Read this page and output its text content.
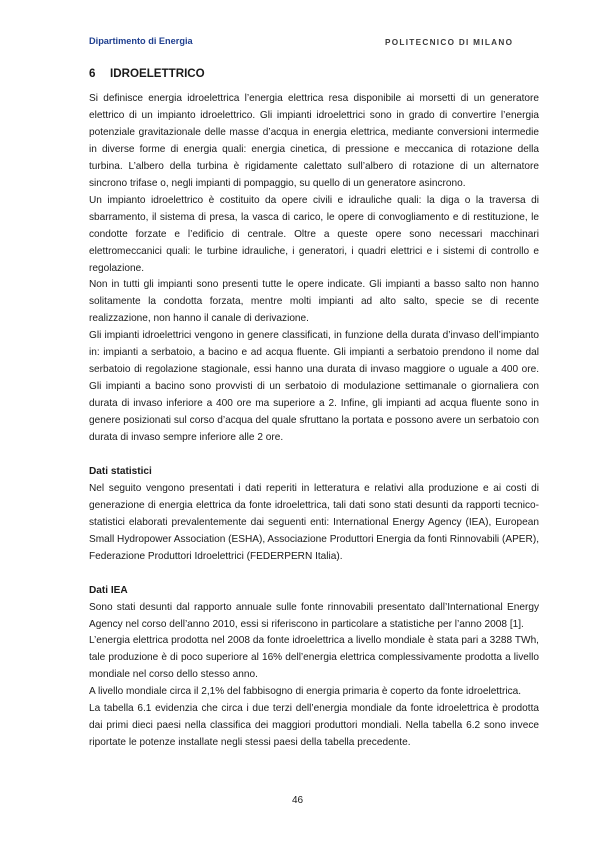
Dipartimento di Energia	POLITECNICO DI MILANO
6 IDROELETTRICO

Si definisce energia idroelettrica l’energia elettrica resa disponibile ai morsetti di un generatore elettrico di un impianto idroelettrico. Gli impianti idroelettrici sono in grado di convertire l’energia potenziale gravitazionale delle masse d’acqua in energia elettrica, mediante conversioni intermedie in diverse forme di energia quali: energia cinetica, di pressione e meccanica di rotazione della turbina. L’albero della turbina è rigidamente calettato sull’albero di rotazione di un alternatore sincrono trifase o, negli impianti di pompaggio, su quello di un generatore asincrono.

Un impianto idroelettrico è costituito da opere civili e idrauliche quali: la diga o la traversa di sbarramento, il sistema di presa, la vasca di carico, le opere di convogliamento e di restituzione, le condotte forzate e l’edificio di centrale. Oltre a queste opere sono necessari macchinari elettromeccanici quali: le turbine idrauliche, i generatori, i quadri elettrici e i sistemi di controllo e regolazione.

Non in tutti gli impianti sono presenti tutte le opere indicate. Gli impianti a basso salto non hanno solitamente la condotta forzata, mentre molti impianti ad alto salto, specie se di recente realizzazione, non hanno il canale di derivazione.

Gli impianti idroelettrici vengono in genere classificati, in funzione della durata d’invaso dell’impianto in: impianti a serbatoio, a bacino e ad acqua fluente. Gli impianti a serbatoio prendono il nome dal serbatoio di regolazione stagionale, essi hanno una durata di invaso maggiore o uguale a 400 ore. Gli impianti a bacino sono provvisti di un serbatoio di modulazione settimanale o giornaliera con durata di invaso inferiore a 400 ore ma superiore a 2. Infine, gli impianti ad acqua fluente sono in genere posizionati sul corso d’acqua del quale sfruttano la portata e possono avere un serbatoio con durata di invaso sempre inferiore alle 2 ore.

Dati statistici

Nel seguito vengono presentati i dati reperiti in letteratura e relativi alla produzione e ai costi di generazione di energia elettrica da fonte idroelettrica, tali dati sono stati desunti da rapporti tecnico-statistici elaborati prevalentemente dai seguenti enti: International Energy Agency (IEA), European Small Hydropower Association (ESHA), Associazione Produttori Energia da fonti Rinnovabili (APER), Federazione Produttori Idroelettrici (FEDERPERN Italia).

Dati IEA

Sono stati desunti dal rapporto annuale sulle fonte rinnovabili presentato dall’International Energy Agency nel corso dell’anno 2010, essi si riferiscono in particolare a statistiche per l’anno 2008 [1].

L’energia elettrica prodotta nel 2008 da fonte idroelettrica a livello mondiale è stata pari a 3288 TWh, tale produzione è di poco superiore al 16% dell’energia elettrica complessivamente prodotta a livello mondiale nel corso dello stesso anno.

A livello mondiale circa il 2,1% del fabbisogno di energia primaria è coperto da fonte idroelettrica.

La tabella 6.1 evidenzia che circa i due terzi dell’energia mondiale da fonte idroelettrica è prodotta dai primi dieci paesi nella classifica dei maggiori produttori mondiali. Nella tabella 6.2 sono invece riportate le potenze installate negli stessi paesi della tabella precedente.

46
